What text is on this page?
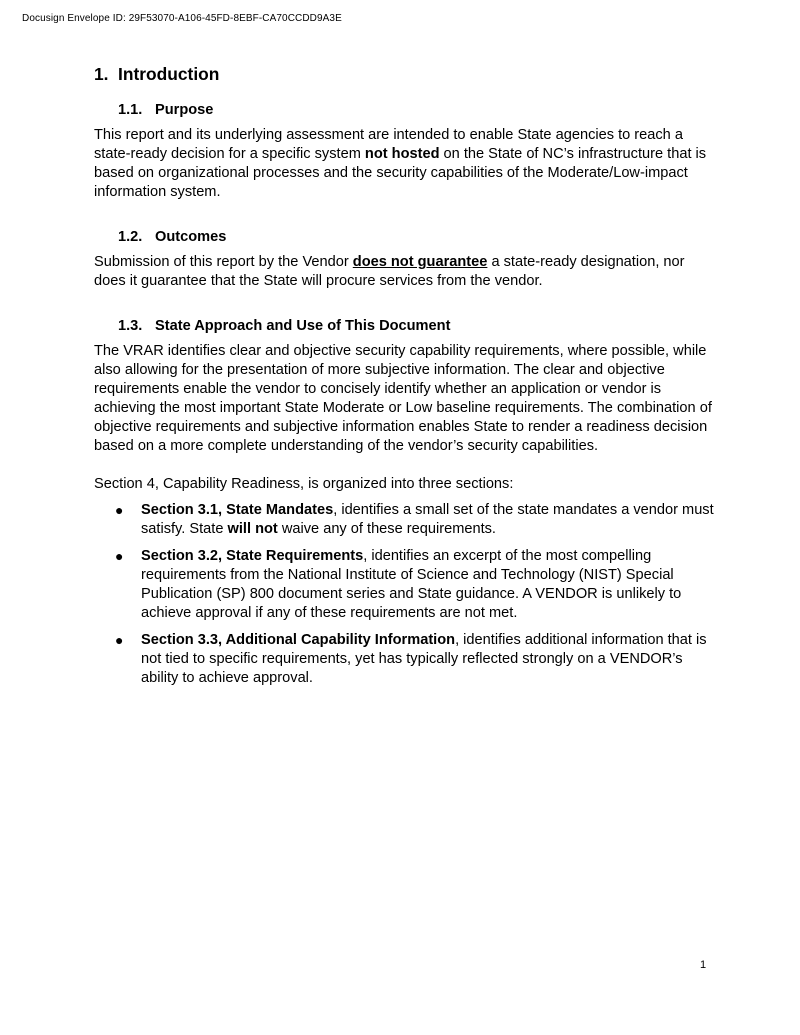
Docusign Envelope ID: 29F53070-A106-45FD-8EBF-CA70CCDD9A3E
1. Introduction
1.1. Purpose

This report and its underlying assessment are intended to enable State agencies to reach a state-ready decision for a specific system not hosted on the State of NC’s infrastructure that is based on organizational processes and the security capabilities of the Moderate/Low-impact information system.

1.2. Outcomes

Submission of this report by the Vendor does not guarantee a state-ready designation, nor does it guarantee that the State will procure services from the vendor.

1.3. State Approach and Use of This Document

The VRAR identifies clear and objective security capability requirements, where possible, while also allowing for the presentation of more subjective information. The clear and objective requirements enable the vendor to concisely identify whether an application or vendor is achieving the most important State Moderate or Low baseline requirements. The combination of objective requirements and subjective information enables State to render a readiness decision based on a more complete understanding of the vendor’s security capabilities.

Section 4, Capability Readiness, is organized into three sections:

● Section 3.1, State Mandates, identifies a small set of the state mandates a vendor must satisfy. State will not waive any of these requirements.
● Section 3.2, State Requirements, identifies an excerpt of the most compelling requirements from the National Institute of Science and Technology (NIST) Special Publication (SP) 800 document series and State guidance. A VENDOR is unlikely to achieve approval if any of these requirements are not met.
● Section 3.3, Additional Capability Information, identifies additional information that is not tied to specific requirements, yet has typically reflected strongly on a VENDOR’s ability to achieve approval.
1
